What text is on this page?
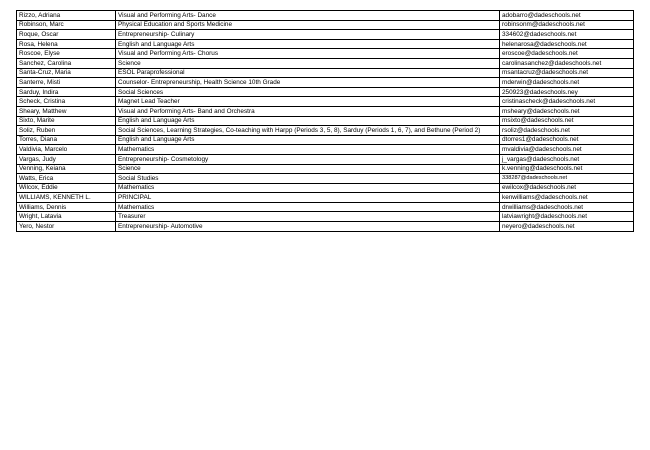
Rizzo, Adriana	Visual and Performing Arts- Dance	adobarro@dadeschools.net
Robinson, Marc	Physical Education and Sports Medicine	robinsonm@dadeschools.net
Roque, Oscar	Entrepreneurship- Culinary	334602@dadeschools.net
Rosa, Helena	English and Language Arts	helenarosa@dadeschools.net
Roscoe, Elyse	Visual and Performing Arts- Chorus	eroscoe@dadeschools.net
Sanchez, Carolina	Science	carolinasanchez@dadeschools.net
Santa-Cruz, Maria	ESOL Paraprofessional	msantacruz@dadeschools.net
Santerre, Misti	Counselor- Entrepreneurship, Health Science 10th Grade	mderwin@dadeschools.net
Sarduy, Indira	Social Sciences	250923@dadeschools.ney
Scheck, Cristina	Magnet Lead Teacher	cristinascheck@dadeschools.net
Sheary, Matthew	Visual and Performing Arts- Band and Orchestra	msheary@dadeschools.net
Sixto, Marite	English and Language Arts	msixto@dadeschools.net
Soliz, Ruben	Social Sciences, Learning Strategies, Co-teaching with Harpp (Periods 3, 5, 8), Sarduy (Periods 1, 6, 7), and Bethune (Period 2)	rsoliz@dadeschools.net
Torres, Diana	English and Language Arts	dtorres1@dadeschools.net
Valdivia, Marcelo	Mathematics	mvaldivia@dadeschools.net
Vargas, Judy	Entrepreneurship- Cosmetology	j_vargas@dadeschools.net
Venning, Keiana	Science	k.venning@dadeschools.net
Watts, Erica	Social Studies	338287@dadeschools.net
Wilcox, Eddie	Mathematics	ewilcox@dadeschools.net
WILLIAMS, KENNETH L.	PRINCIPAL	kenwilliams@dadeschools.net
Williams, Dennis	Mathematics	drwilliams@dadeschools.net
Wright, Latavia	Treasurer	latviawright@dadeschools.net
Yero, Nestor	Entrepreneurship- Automotive	neyero@dadeschools.net
